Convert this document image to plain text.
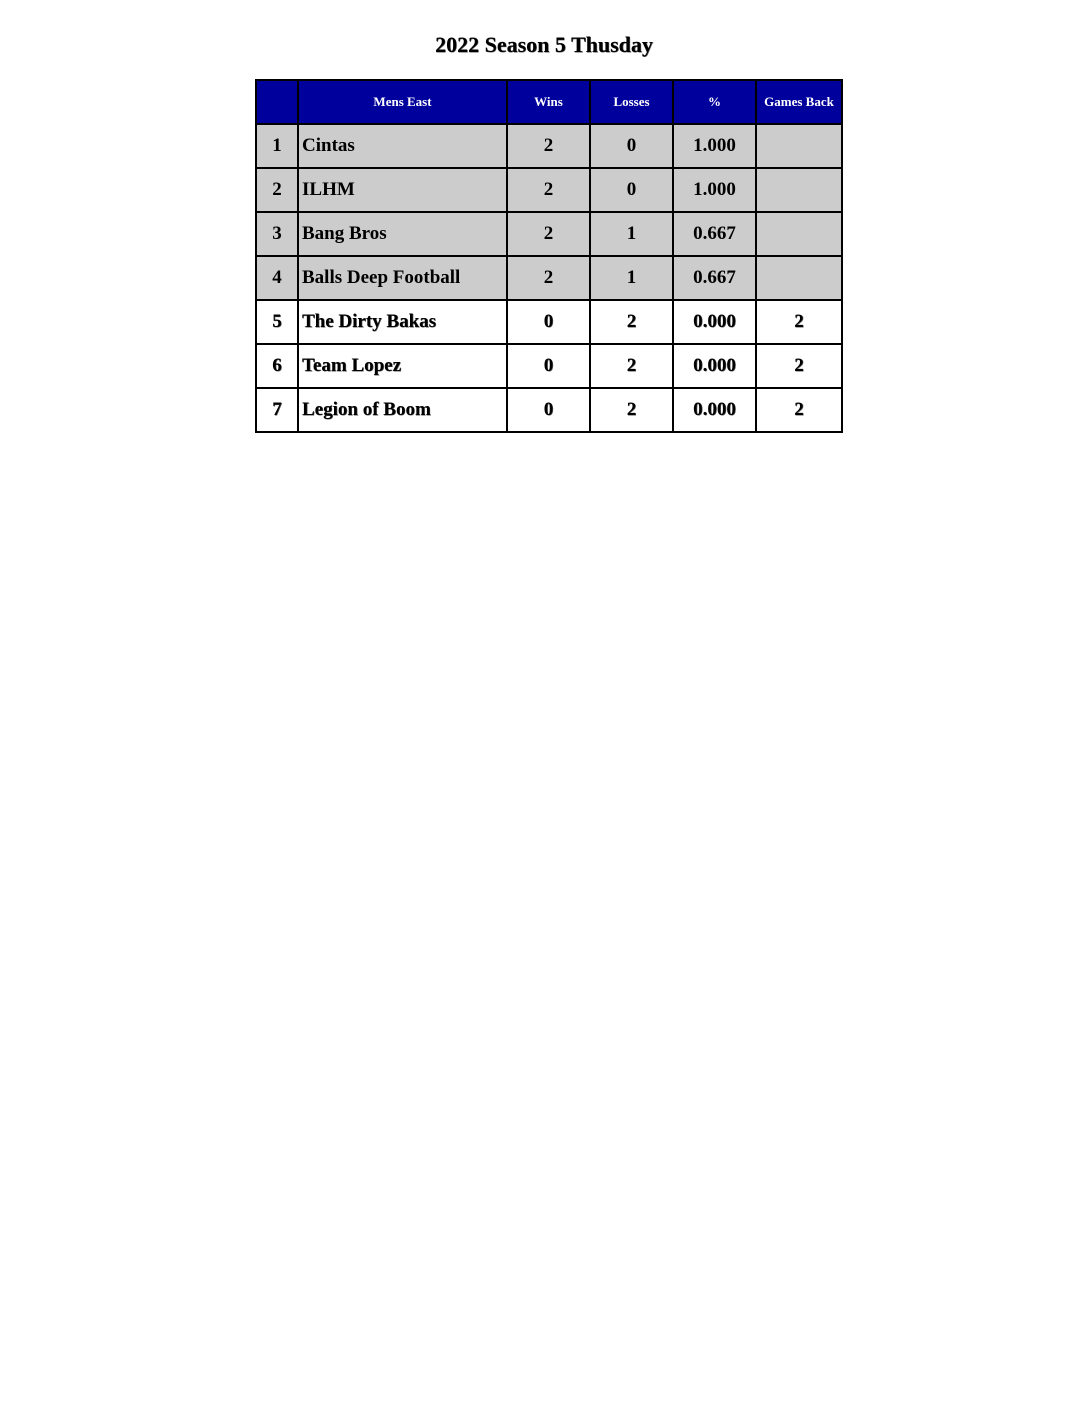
2022 Season 5 Thusday
	Mens East	Wins	Losses	%	Games Back
1	Cintas	2	0	1.000	
2	ILHM	2	0	1.000	
3	Bang Bros	2	1	0.667	
4	Balls Deep Football	2	1	0.667	
5	The Dirty Bakas	0	2	0.000	2
6	Team Lopez	0	2	0.000	2
7	Legion of Boom	0	2	0.000	2
